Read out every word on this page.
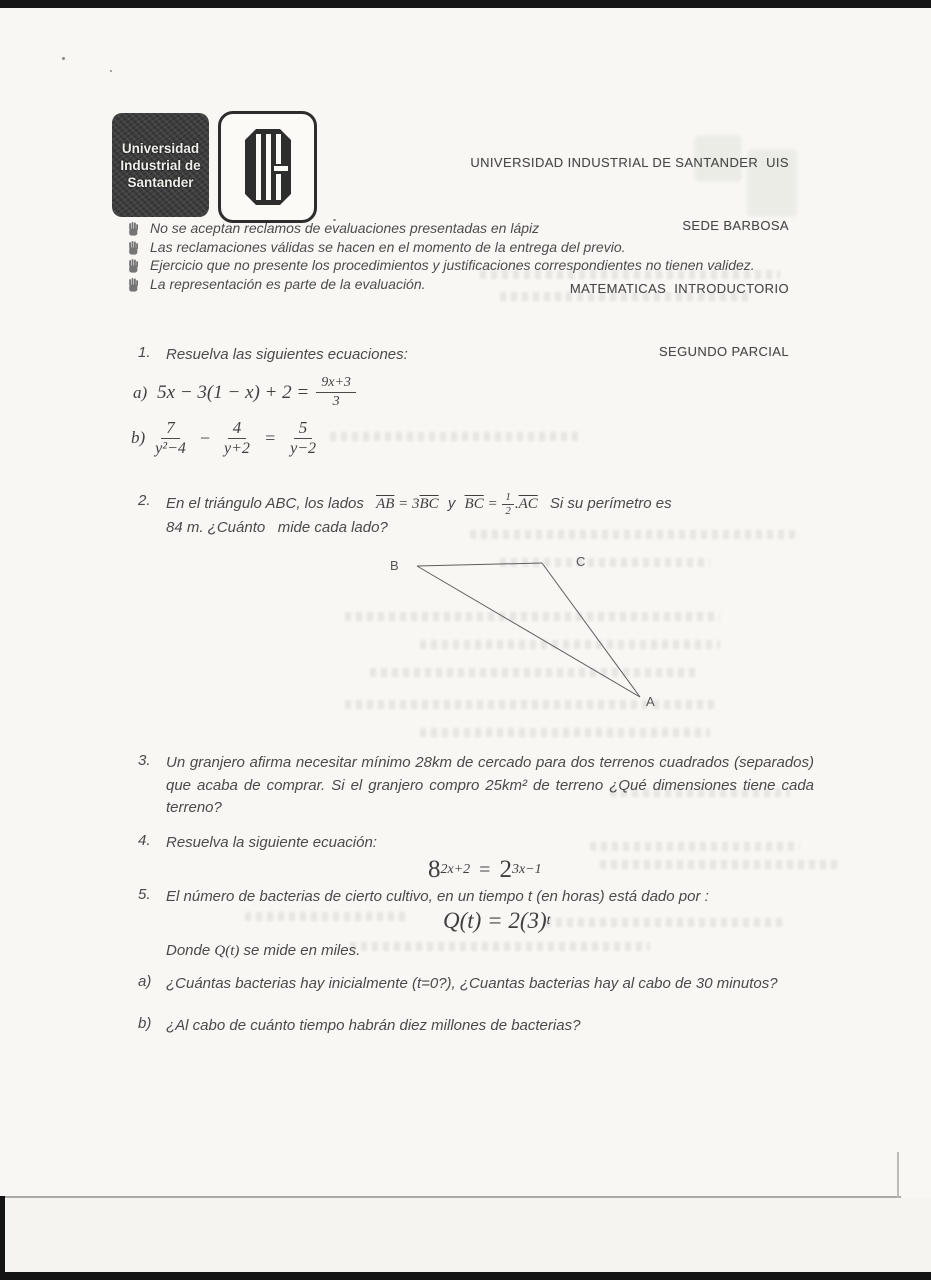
Universidad
Industrial de
Santander

UNIVERSIDAD INDUSTRIAL DE SANTANDER  UIS

SEDE BARBOSA

MATEMATICAS  INTRODUCTORIO

SEGUNDO PARCIAL

No se aceptan reclamos de evaluaciones presentadas en lápiz
Las reclamaciones válidas se hacen en el momento de la entrega del previo.
Ejercicio que no presente los procedimientos y justificaciones correspondientes no tienen validez.
La representación es parte de la evaluación.
1. Resuelva las siguientes ecuaciones:
a) $5x - 3(1 - x) + 2 = \frac{9x+3}{3}$
$b) \frac{7}{\text{y²−4}} - \frac{4}{y+2} = \frac{5}{y-2}$
2. En el triángulo ABC, los lados $\overline{AB} = 3\overline{BC}$ y $\overline{BC} = \frac{1}{2} .\overline{AC}$ Si su perímetro es
84 m. ¿Cuánto   mide cada lado?
B	C
A
3. Un granjero afirma necesitar mínimo 28km de cercado para dos terrenos cuadrados (separados) que acaba de comprar. Si el granjero compro 25km² de terreno ¿Qué dimensiones tiene cada terreno?
4. Resuelva la siguiente ecuación:
8 2x+2 = 2 3x−1
5. El número de bacterias de cierto cultivo, en un tiempo t (en horas) está dado por :
Q(t) = 2(3) t
Donde Q(t) se mide en miles.
a) ¿Cuántas bacterias hay inicialmente (t=0?), ¿Cuantas bacterias hay al cabo de 30 minutos?
b) ¿Al cabo de cuánto tiempo habrán diez millones de bacterias?
